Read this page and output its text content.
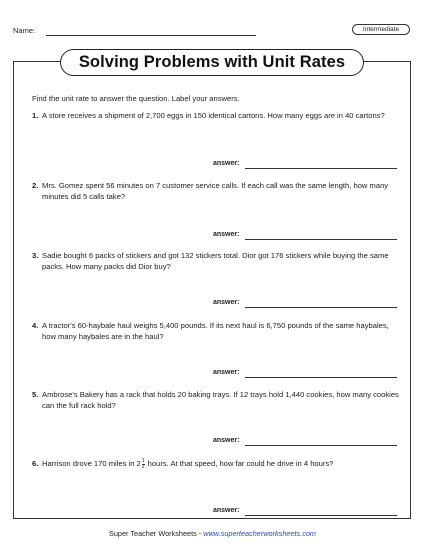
Name:	Intermediate
Solving Problems with Unit Rates
Find the unit rate to answer the question. Label your answers.
1. A store receives a shipment of 2,700 eggs in 150 identical cartons. How many eggs are in 40 cartons?
answer:
2. Mrs. Gomez spent 56 minutes on 7 customer service calls. If each call was the same length, how many minutes did 5 calls take?
answer:
3. Sadie bought 6 packs of stickers and got 132 stickers total. Dior got 176 stickers while buying the same packs. How many packs did Dior buy?
answer:
4. A tractor's 60-haybale haul weighs 5,400 pounds. If its next haul is 6,750 pounds of the same haybales, how many haybales are in the haul?
answer:
5. Ambrose's Bakery has a rack that holds 20 baking trays. If 12 trays hold 1,440 cookies, how many cookies can the full rack hold?
answer:
6. Harrison drove 170 miles in $2 \frac{1}{2}$ hours. At that speed, how far could he drive in 4 hours?
answer:
Super Teacher Worksheets - www.superteacherworksheets.com
